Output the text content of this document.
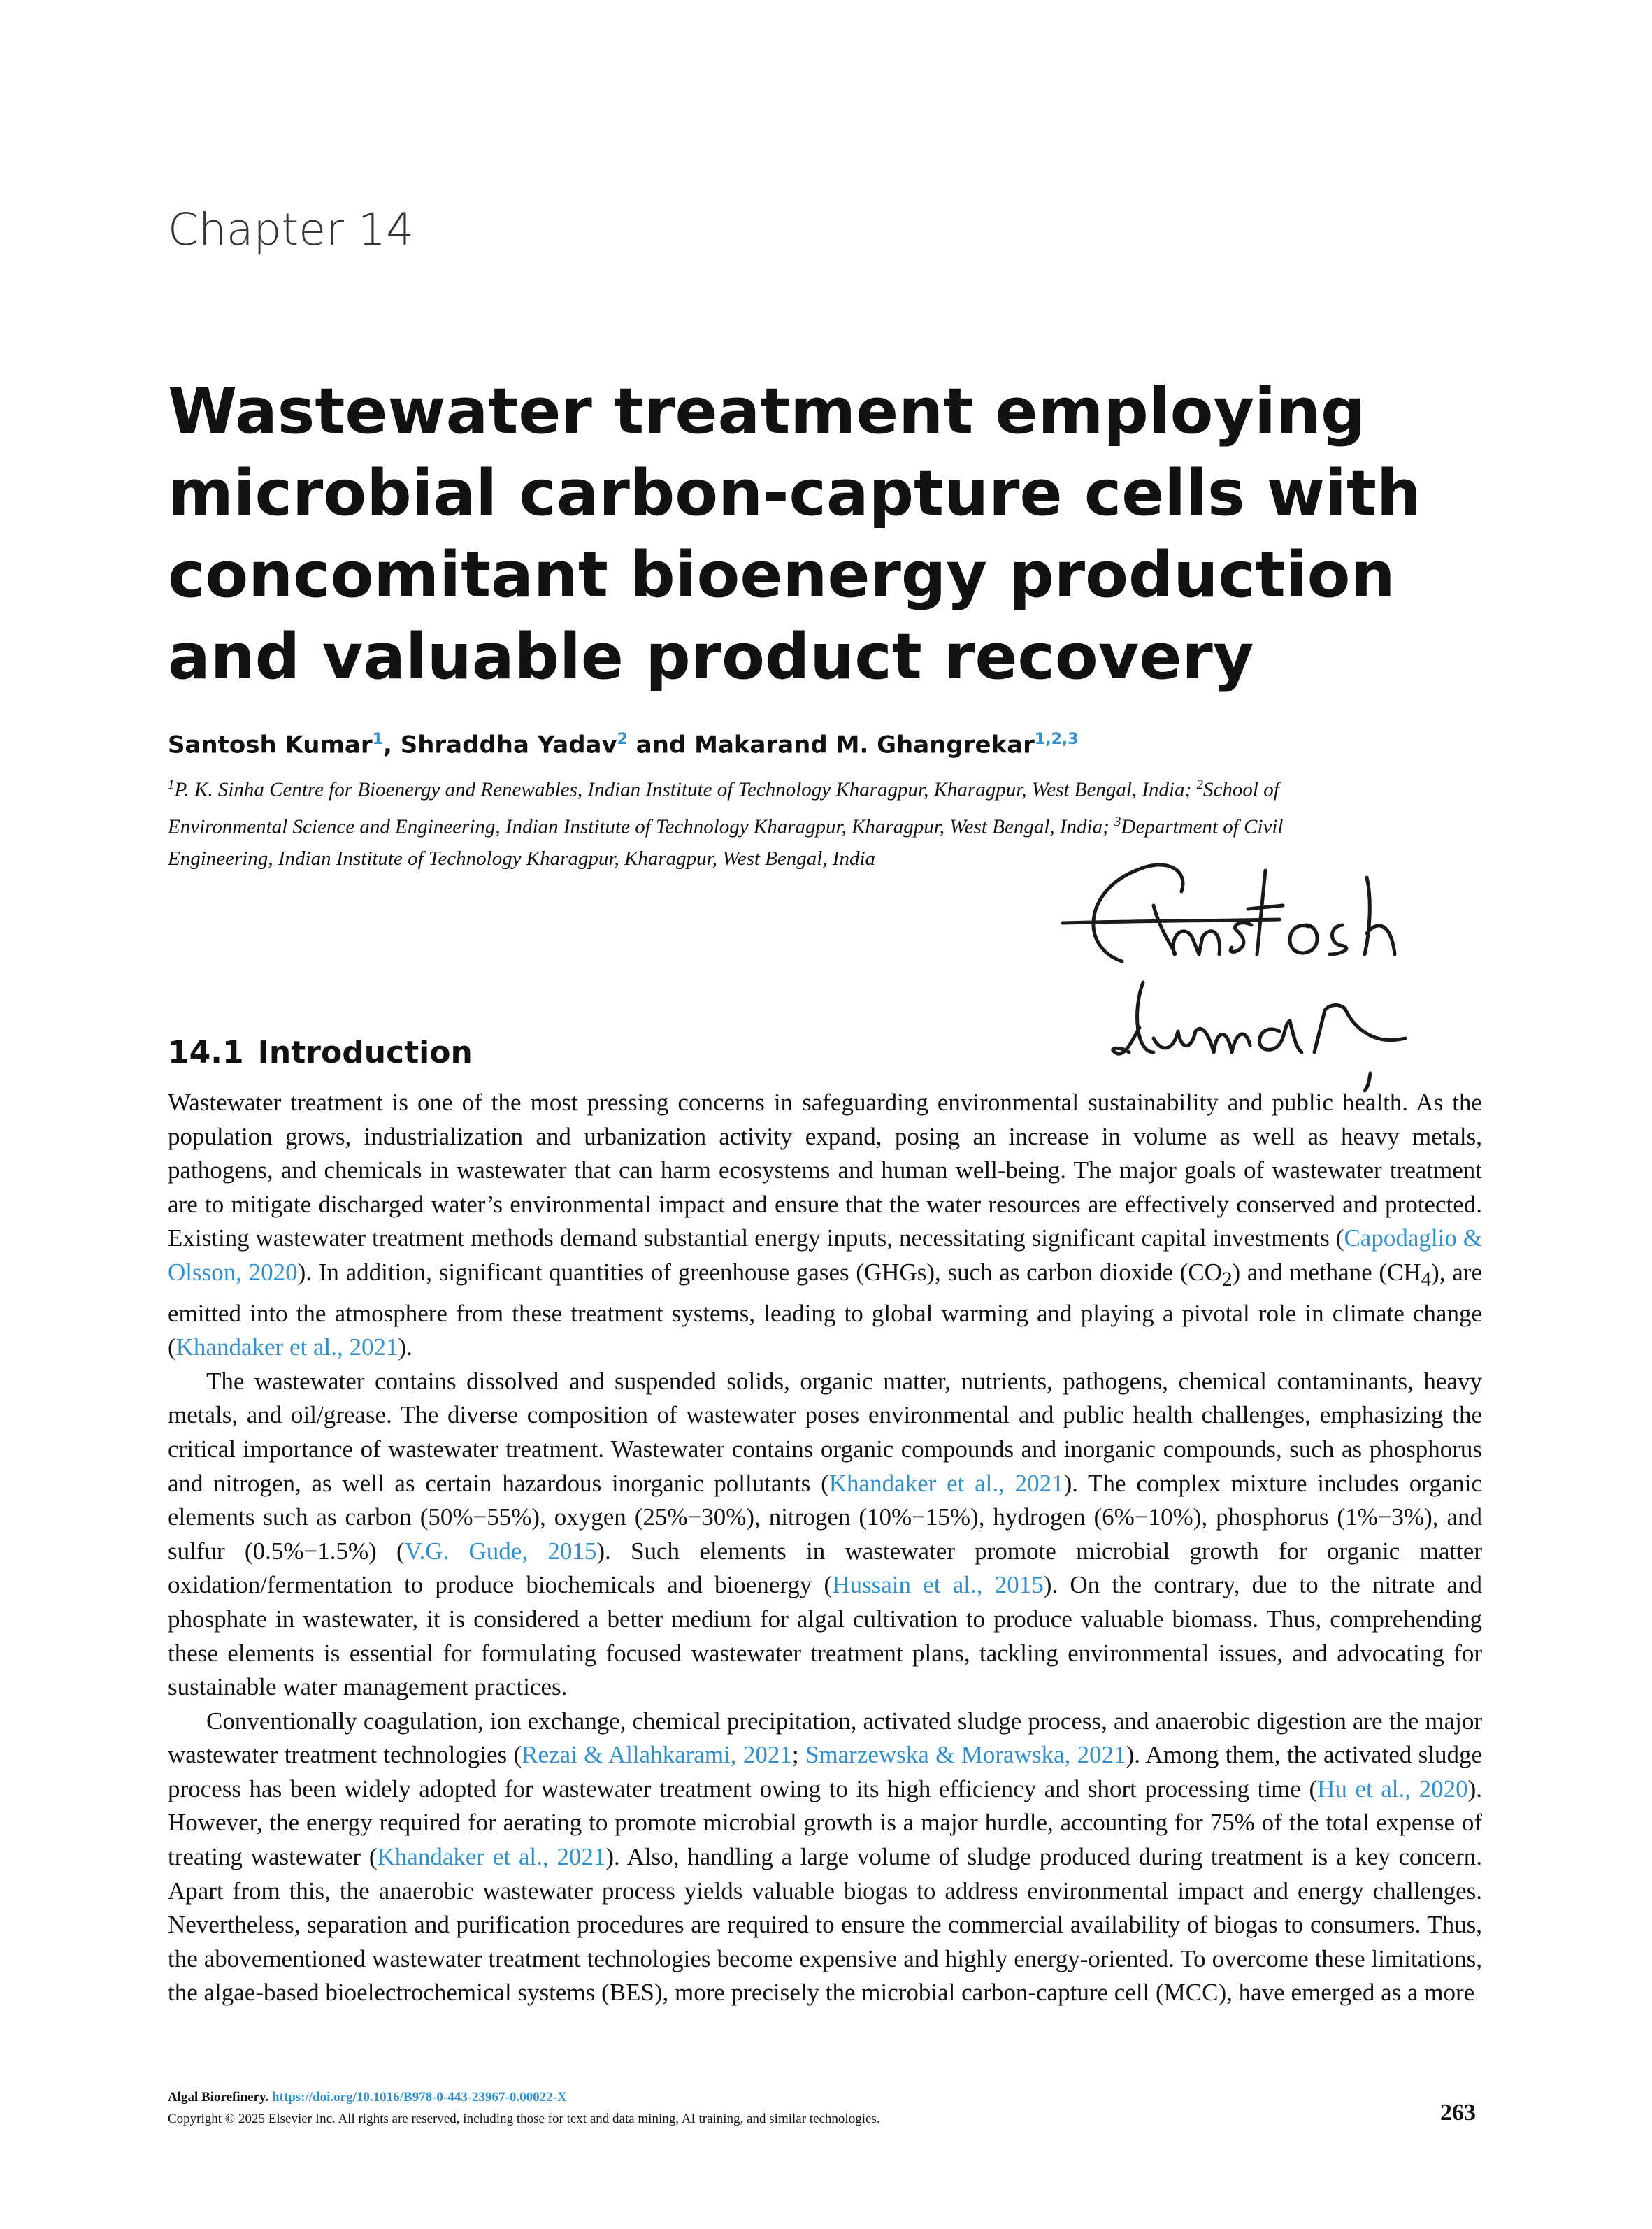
Chapter 14
Wastewater treatment employing
microbial carbon-capture cells with
concomitant bioenergy production
and valuable product recovery
Santosh Kumar$^1$, Shraddha Yadav$^2$ and Makarand M. Ghangrekar$^{1,2,3}$
$^1$P. K. Sinha Centre for Bioenergy and Renewables, Indian Institute of Technology Kharagpur, Kharagpur, West Bengal, India; $^2$School of
Environmental Science and Engineering, Indian Institute of Technology Kharagpur, Kharagpur, West Bengal, India; $^3$Department of Civil
Engineering, Indian Institute of Technology Kharagpur, Kharagpur, West Bengal, India
14.1 Introduction

Wastewater treatment is one of the most pressing concerns in safeguarding environmental sustainability and public health. As the population grows, industrialization and urbanization activity expand, posing an increase in volume as well as heavy metals, pathogens, and chemicals in wastewater that can harm ecosystems and human well-being. The major goals of wastewater treatment are to mitigate discharged water’s environmental impact and ensure that the water resources are effectively conserved and protected. Existing wastewater treatment methods demand substantial energy inputs, necessitating significant capital investments (Capodaglio & Olsson, 2020). In addition, significant quantities of greenhouse gases (GHGs), such as carbon dioxide $(CO_2)$ and methane $(CH_4)$, are emitted into the atmosphere from these treatment systems, leading to global warming and playing a pivotal role in climate change (Khandaker et al., 2021).

The wastewater contains dissolved and suspended solids, organic matter, nutrients, pathogens, chemical contaminants, heavy metals, and oil/grease. The diverse composition of wastewater poses environmental and public health challenges, emphasizing the critical importance of wastewater treatment. Wastewater contains organic compounds and inorganic compounds, such as phosphorus and nitrogen, as well as certain hazardous inorganic pollutants (Khandaker et al., 2021). The complex mixture includes organic elements such as carbon (50%−55%), oxygen (25%−30%), nitrogen (10%−15%), hydrogen (6%−10%), phosphorus (1%−3%), and sulfur (0.5%−1.5%) (V.G. Gude, 2015). Such elements in wastewater promote microbial growth for organic matter oxidation/fermentation to produce biochemicals and bioenergy (Hussain et al., 2015). On the contrary, due to the nitrate and phosphate in wastewater, it is considered a better medium for algal cultivation to produce valuable biomass. Thus, comprehending these elements is essential for formulating focused wastewater treatment plans, tackling environmental issues, and advocating for sustainable water management practices.

Conventionally coagulation, ion exchange, chemical precipitation, activated sludge process, and anaerobic digestion are the major wastewater treatment technologies (Rezai & Allahkarami, 2021; Smarzewska & Morawska, 2021). Among them, the activated sludge process has been widely adopted for wastewater treatment owing to its high efficiency and short processing time (Hu et al., 2020). However, the energy required for aerating to promote microbial growth is a major hurdle, accounting for 75% of the total expense of treating wastewater (Khandaker et al., 2021). Also, handling a large volume of sludge produced during treatment is a key concern. Apart from this, the anaerobic wastewater process yields valuable biogas to address environmental impact and energy challenges. Nevertheless, separation and purification procedures are required to ensure the commercial availability of biogas to consumers. Thus, the abovementioned wastewater treatment technologies become expensive and highly energy-oriented. To overcome these limitations, the algae-based bioelectrochemical systems (BES), more precisely the microbial carbon-capture cell (MCC), have emerged as a more

Algal Biorefinery. https://doi.org/10.1016/B978-0-443-23967-0.00022-X
Copyright © 2025 Elsevier Inc. All rights are reserved, including those for text and data mining, AI training, and similar technologies.	263
